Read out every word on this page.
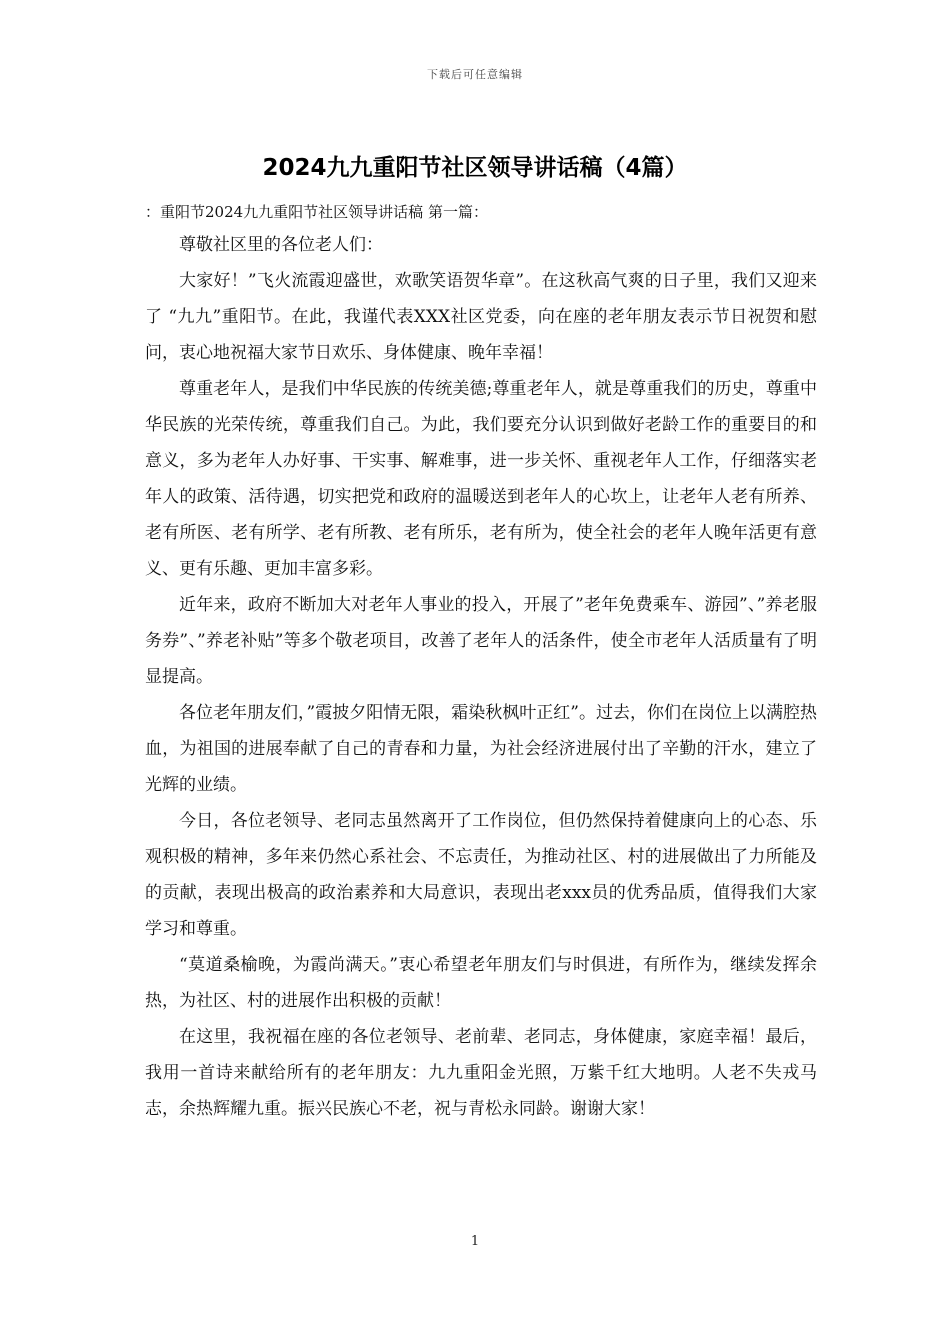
下载后可任意编辑
2024九九重阳节社区领导讲话稿（4篇）
：重阳节2024九九重阳节社区领导讲话稿 第一篇：

尊敬社区里的各位老人们：

大家好！”飞火流霞迎盛世，欢歌笑语贺华章”。在这秋高气爽的日子里，我们又迎来了 “九九”重阳节。在此，我谨代表XXX社区党委，向在座的老年朋友表示节日祝贺和慰问，衷心地祝福大家节日欢乐、身体健康、晚年幸福！

尊重老年人，是我们中华民族的传统美德;尊重老年人，就是尊重我们的历史，尊重中华民族的光荣传统，尊重我们自己。为此，我们要充分认识到做好老龄工作的重要目的和意义，多为老年人办好事、干实事、解难事，进一步关怀、重视老年人工作，仔细落实老年人的政策、活待遇，切实把党和政府的温暖送到老年人的心坎上，让老年人老有所养、老有所医、老有所学、老有所教、老有所乐，老有所为，使全社会的老年人晚年活更有意义、更有乐趣、更加丰富多彩。

近年来，政府不断加大对老年人事业的投入，开展了”老年免费乘车、游园”、”养老服务券”、”养老补贴”等多个敬老项目，改善了老年人的活条件，使全市老年人活质量有了明显提高。

各位老年朋友们，”霞披夕阳情无限，霜染秋枫叶正红”。过去，你们在岗位上以满腔热血，为祖国的进展奉献了自己的青春和力量，为社会经济进展付出了辛勤的汗水，建立了光辉的业绩。

今日，各位老领导、老同志虽然离开了工作岗位，但仍然保持着健康向上的心态、乐观积极的精神，多年来仍然心系社会、不忘责任，为推动社区、村的进展做出了力所能及的贡献，表现出极高的政治素养和大局意识，表现出老xxx员的优秀品质，值得我们大家学习和尊重。

“莫道桑榆晚，为霞尚满天。”衷心希望老年朋友们与时俱进，有所作为，继续发挥余热，为社区、村的进展作出积极的贡献！

在这里，我祝福在座的各位老领导、老前辈、老同志，身体健康，家庭幸福！最后，我用一首诗来献给所有的老年朋友：九九重阳金光照，万紫千红大地明。人老不失戎马志，余热辉耀九重。振兴民族心不老，祝与青松永同龄。谢谢大家！

1
